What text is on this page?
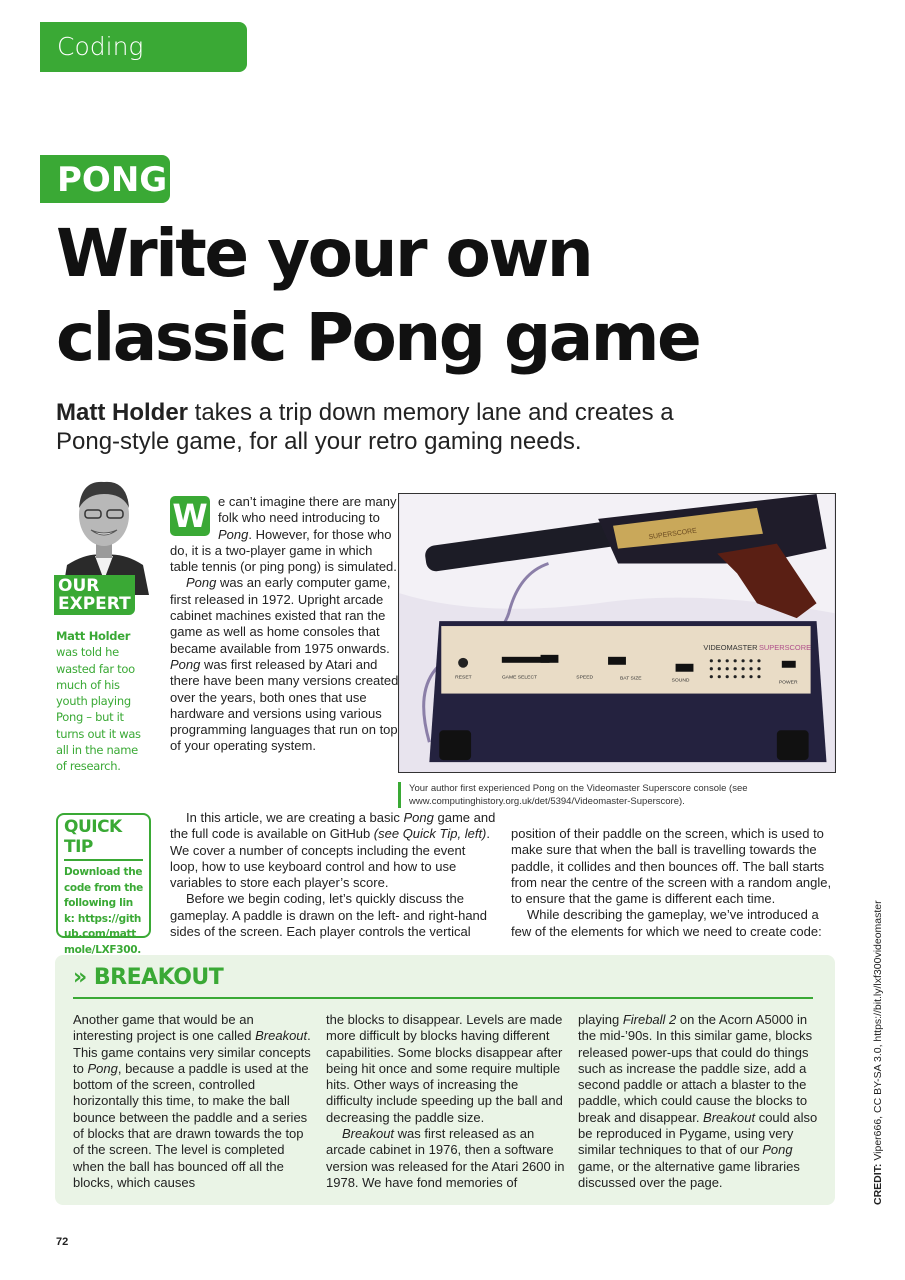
Coding Academy
PONG
Write your own
classic Pong game
Matt Holder takes a trip down memory lane and creates a Pong-style game, for all your retro gaming needs.
OUR
EXPERT
Matt Holder was told he wasted far too much of his youth playing Pong – but it turns out it was all in the name of research.
QUICK TIP
Download the code from the following link: https://github.com/mattmole/LXF300.
W e can’t imagine there are many folk who need introducing to Pong. However, for those who do, it is a two-player game in which table tennis (or ping pong) is simulated.

Pong was an early computer game, first released in 1972. Upright arcade cabinet machines existed that ran the game as well as home consoles that became available from 1975 onwards. Pong was first released by Atari and there have been many versions created over the years, both ones that use hardware and versions using various programming languages that run on top of your operating system.

In this article, we are creating a basic Pong game and the full code is available on GitHub (see Quick Tip, left). We cover a number of concepts including the event loop, how to use keyboard control and how to use variables to store each player’s score.

Before we begin coding, let’s quickly discuss the gameplay. A paddle is drawn on the left- and right-hand sides of the screen. Each player controls the vertical

position of their paddle on the screen, which is used to make sure that when the ball is travelling towards the paddle, it collides and then bounces off. The ball starts from near the centre of the screen with a random angle, to ensure that the game is different each time.

While describing the gameplay, we’ve introduced a few of the elements for which we need to create code:

SUPERSCORE
RESET	GAME SELECT	SPEED	BAT SIZE	SOUND	POWER
VIDEOMASTER SUPERSCORE
Your author first experienced Pong on the Videomaster Superscore console (see www.computinghistory.org.uk/det/5394/Videomaster-Superscore).
» BREAKOUT

Another game that would be an interesting project is one called Breakout. This game contains very similar concepts to Pong, because a paddle is used at the bottom of the screen, controlled horizontally this time, to make the ball bounce between the paddle and a series of blocks that are drawn towards the top of the screen. The level is completed when the ball has bounced off all the blocks, which causes

the blocks to disappear. Levels are made more difficult by blocks having different capabilities. Some blocks disappear after being hit once and some require multiple hits. Other ways of increasing the difficulty include speeding up the ball and decreasing the paddle size.

Breakout was first released as an arcade cabinet in 1976, then a software version was released for the Atari 2600 in 1978. We have fond memories of

playing Fireball 2 on the Acorn A5000 in the mid-’90s. In this similar game, blocks released power-ups that could do things such as increase the paddle size, add a second paddle or attach a blaster to the paddle, which could cause the blocks to break and disappear. Breakout could also be reproduced in Pygame, using very similar techniques to that of our Pong game, or the alternative game libraries discussed over the page.

72
CREDIT: Viper666, CC BY-SA 3.0, https://bit.ly/lxf300videomaster
